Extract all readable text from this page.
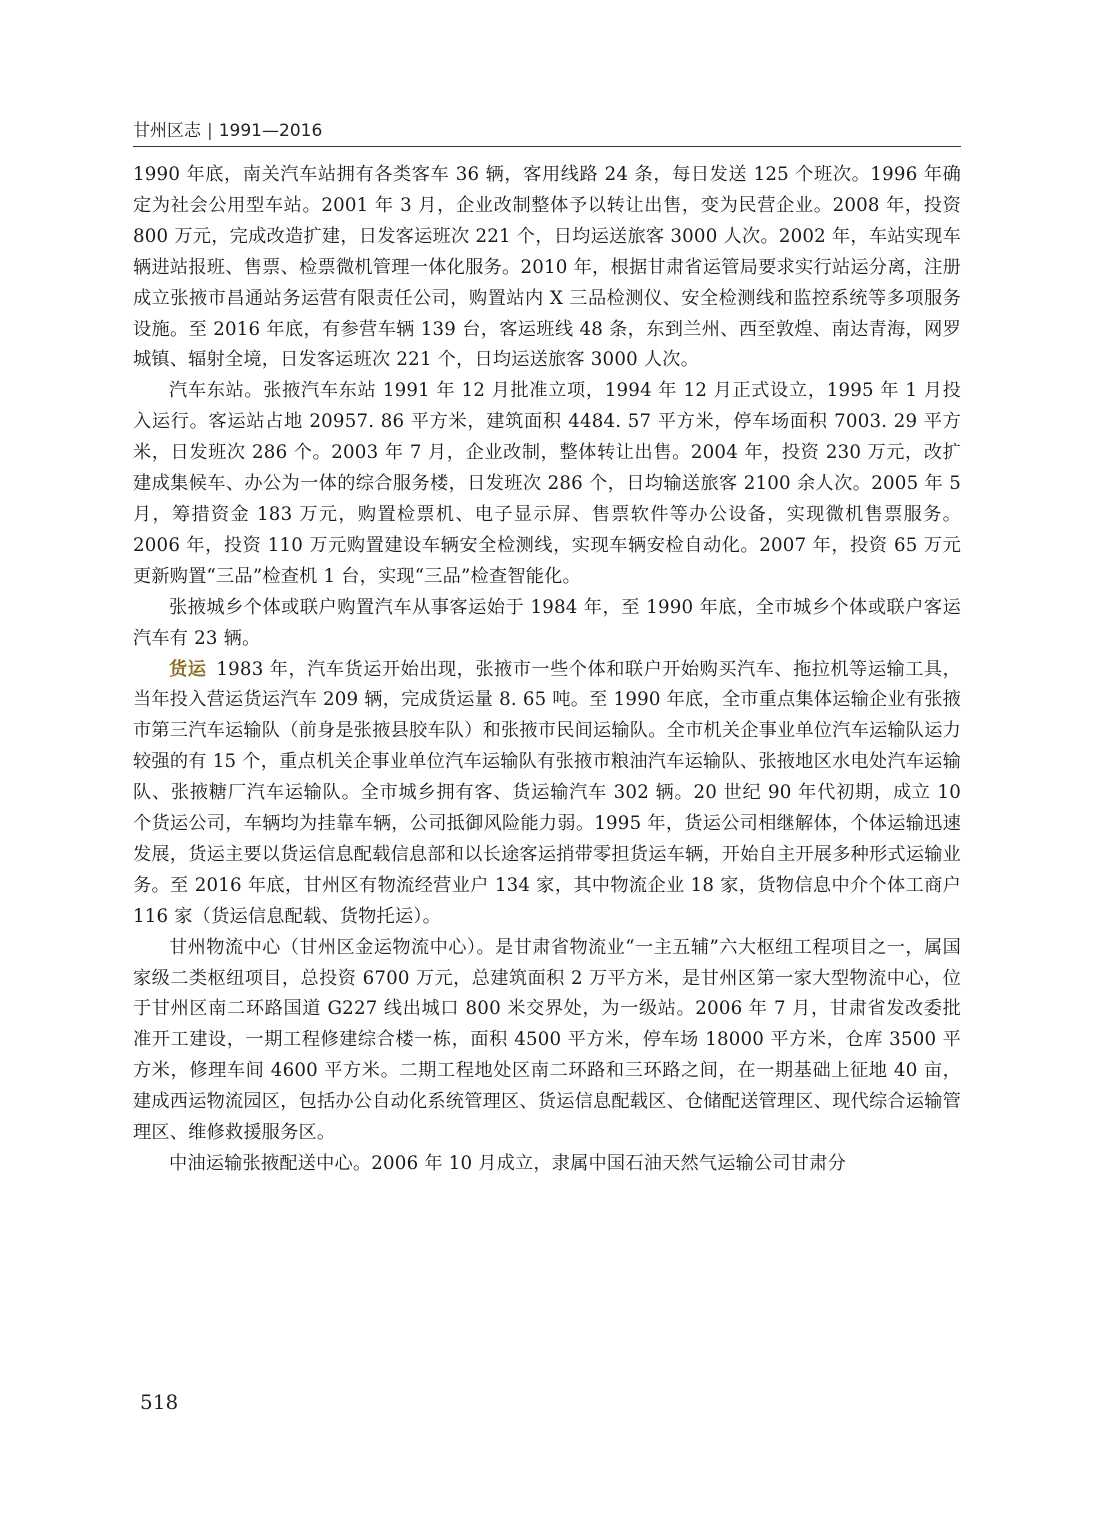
甘州区志 | 1991—2016

1990 年底，南关汽车站拥有各类客车 36 辆，客用线路 24 条，每日发送 125 个班次。1996 年确定为社会公用型车站。2001 年 3 月，企业改制整体予以转让出售，变为民营企业。2008 年，投资 800 万元，完成改造扩建，日发客运班次 221 个，日均运送旅客 3000 人次。2002 年，车站实现车辆进站报班、售票、检票微机管理一体化服务。2010 年，根据甘肃省运管局要求实行站运分离，注册成立张掖市昌通站务运营有限责任公司，购置站内 X 三品检测仪、安全检测线和监控系统等多项服务设施。至 2016 年底，有参营车辆 139 台，客运班线 48 条，东到兰州、西至敦煌、南达青海，网罗城镇、辐射全境，日发客运班次 221 个，日均运送旅客 3000 人次。

汽车东站。张掖汽车东站 1991 年 12 月批准立项，1994 年 12 月正式设立，1995 年 1 月投入运行。客运站占地 20957. 86 平方米，建筑面积 4484. 57 平方米，停车场面积 7003. 29 平方米，日发班次 286 个。2003 年 7 月，企业改制，整体转让出售。2004 年，投资 230 万元，改扩建成集候车、办公为一体的综合服务楼，日发班次 286 个，日均输送旅客 2100 余人次。2005 年 5 月，筹措资金 183 万元，购置检票机、电子显示屏、售票软件等办公设备，实现微机售票服务。2006 年，投资 110 万元购置建设车辆安全检测线，实现车辆安检自动化。2007 年，投资 65 万元更新购置“三品”检查机 1 台，实现“三品”检查智能化。

张掖城乡个体或联户购置汽车从事客运始于 1984 年，至 1990 年底，全市城乡个体或联户客运汽车有 23 辆。

货运 1983 年，汽车货运开始出现，张掖市一些个体和联户开始购买汽车、拖拉机等运输工具，当年投入营运货运汽车 209 辆，完成货运量 8. 65 吨。至 1990 年底，全市重点集体运输企业有张掖市第三汽车运输队（前身是张掖县胶车队）和张掖市民间运输队。全市机关企事业单位汽车运输队运力较强的有 15 个，重点机关企事业单位汽车运输队有张掖市粮油汽车运输队、张掖地区水电处汽车运输队、张掖糖厂汽车运输队。全市城乡拥有客、货运输汽车 302 辆。20 世纪 90 年代初期，成立 10 个货运公司，车辆均为挂靠车辆，公司抵御风险能力弱。1995 年，货运公司相继解体，个体运输迅速发展，货运主要以货运信息配载信息部和以长途客运捎带零担货运车辆，开始自主开展多种形式运输业务。至 2016 年底，甘州区有物流经营业户 134 家，其中物流企业 18 家，货物信息中介个体工商户 116 家（货运信息配载、货物托运）。

甘州物流中心（甘州区金运物流中心）。是甘肃省物流业“一主五辅”六大枢纽工程项目之一，属国家级二类枢纽项目，总投资 6700 万元，总建筑面积 2 万平方米，是甘州区第一家大型物流中心，位于甘州区南二环路国道 G227 线出城口 800 米交界处，为一级站。2006 年 7 月，甘肃省发改委批准开工建设，一期工程修建综合楼一栋，面积 4500 平方米，停车场 18000 平方米，仓库 3500 平方米，修理车间 4600 平方米。二期工程地处区南二环路和三环路之间，在一期基础上征地 40 亩，建成西运物流园区，包括办公自动化系统管理区、货运信息配载区、仓储配送管理区、现代综合运输管理区、维修救援服务区。

中油运输张掖配送中心。2006 年 10 月成立，隶属中国石油天然气运输公司甘肃分

518
